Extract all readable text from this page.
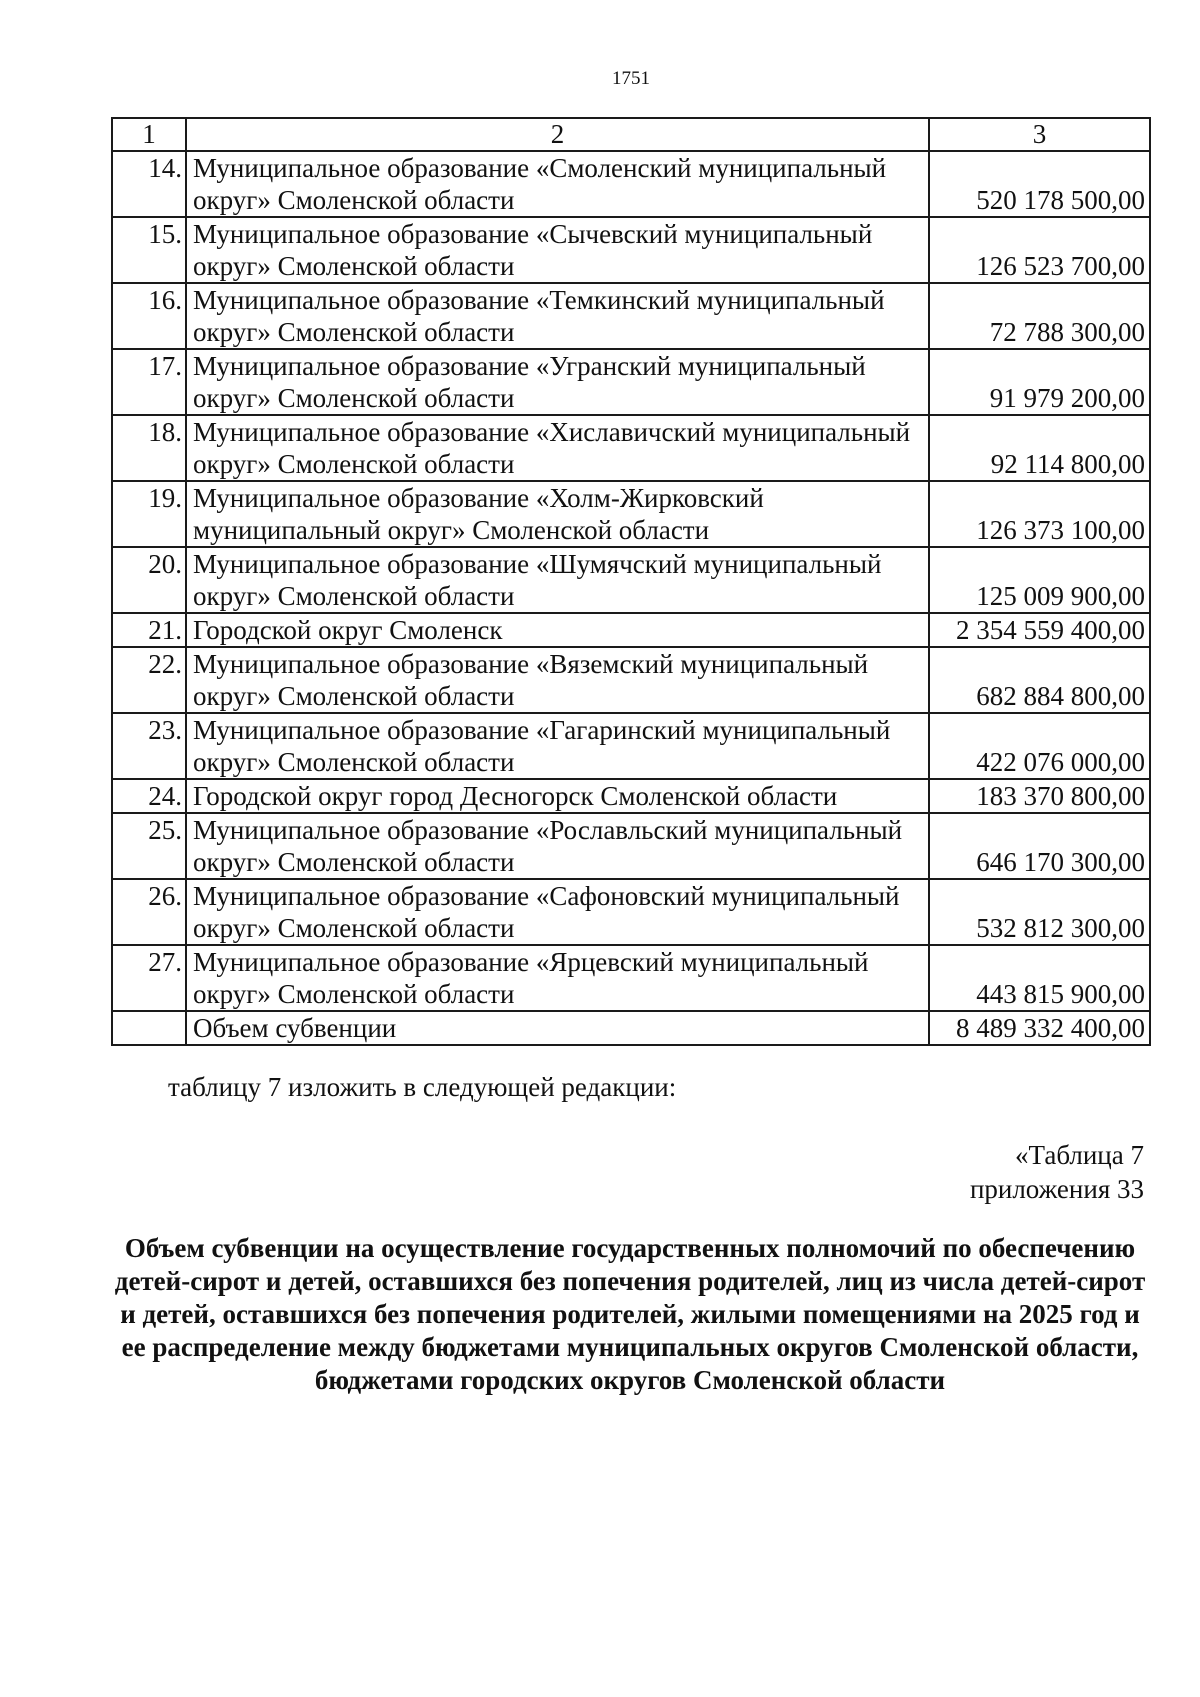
1751
1	2	3
14.	Муниципальное образование «Смоленский муниципальный округ» Смоленской области	520 178 500,00
15.	Муниципальное образование «Сычевский муниципальный округ» Смоленской области	126 523 700,00
16.	Муниципальное образование «Темкинский муниципальный округ» Смоленской области	72 788 300,00
17.	Муниципальное образование «Угранский муниципальный округ» Смоленской области	91 979 200,00
18.	Муниципальное образование «Хиславичский муниципальный округ» Смоленской области	92 114 800,00
19.	Муниципальное образование «Холм-Жирковский муниципальный округ» Смоленской области	126 373 100,00
20.	Муниципальное образование «Шумячский муниципальный округ» Смоленской области	125 009 900,00
21.	Городской округ Смоленск	2 354 559 400,00
22.	Муниципальное образование «Вяземский муниципальный округ» Смоленской области	682 884 800,00
23.	Муниципальное образование «Гагаринский муниципальный округ» Смоленской области	422 076 000,00
24.	Городской округ город Десногорск Смоленской области	183 370 800,00
25.	Муниципальное образование «Рославльский муниципальный округ» Смоленской области	646 170 300,00
26.	Муниципальное образование «Сафоновский муниципальный округ» Смоленской области	532 812 300,00
27.	Муниципальное образование «Ярцевский муниципальный округ» Смоленской области	443 815 900,00
	Объем субвенции	8 489 332 400,00
таблицу 7 изложить в следующей редакции:
«Таблица 7
приложения 33
Объем субвенции на осуществление государственных полномочий по обеспечению детей-сирот и детей, оставшихся без попечения родителей, лиц из числа детей-сирот и детей, оставшихся без попечения родителей, жилыми помещениями на 2025 год и ее распределение между бюджетами муниципальных округов Смоленской области, бюджетами городских округов Смоленской области
